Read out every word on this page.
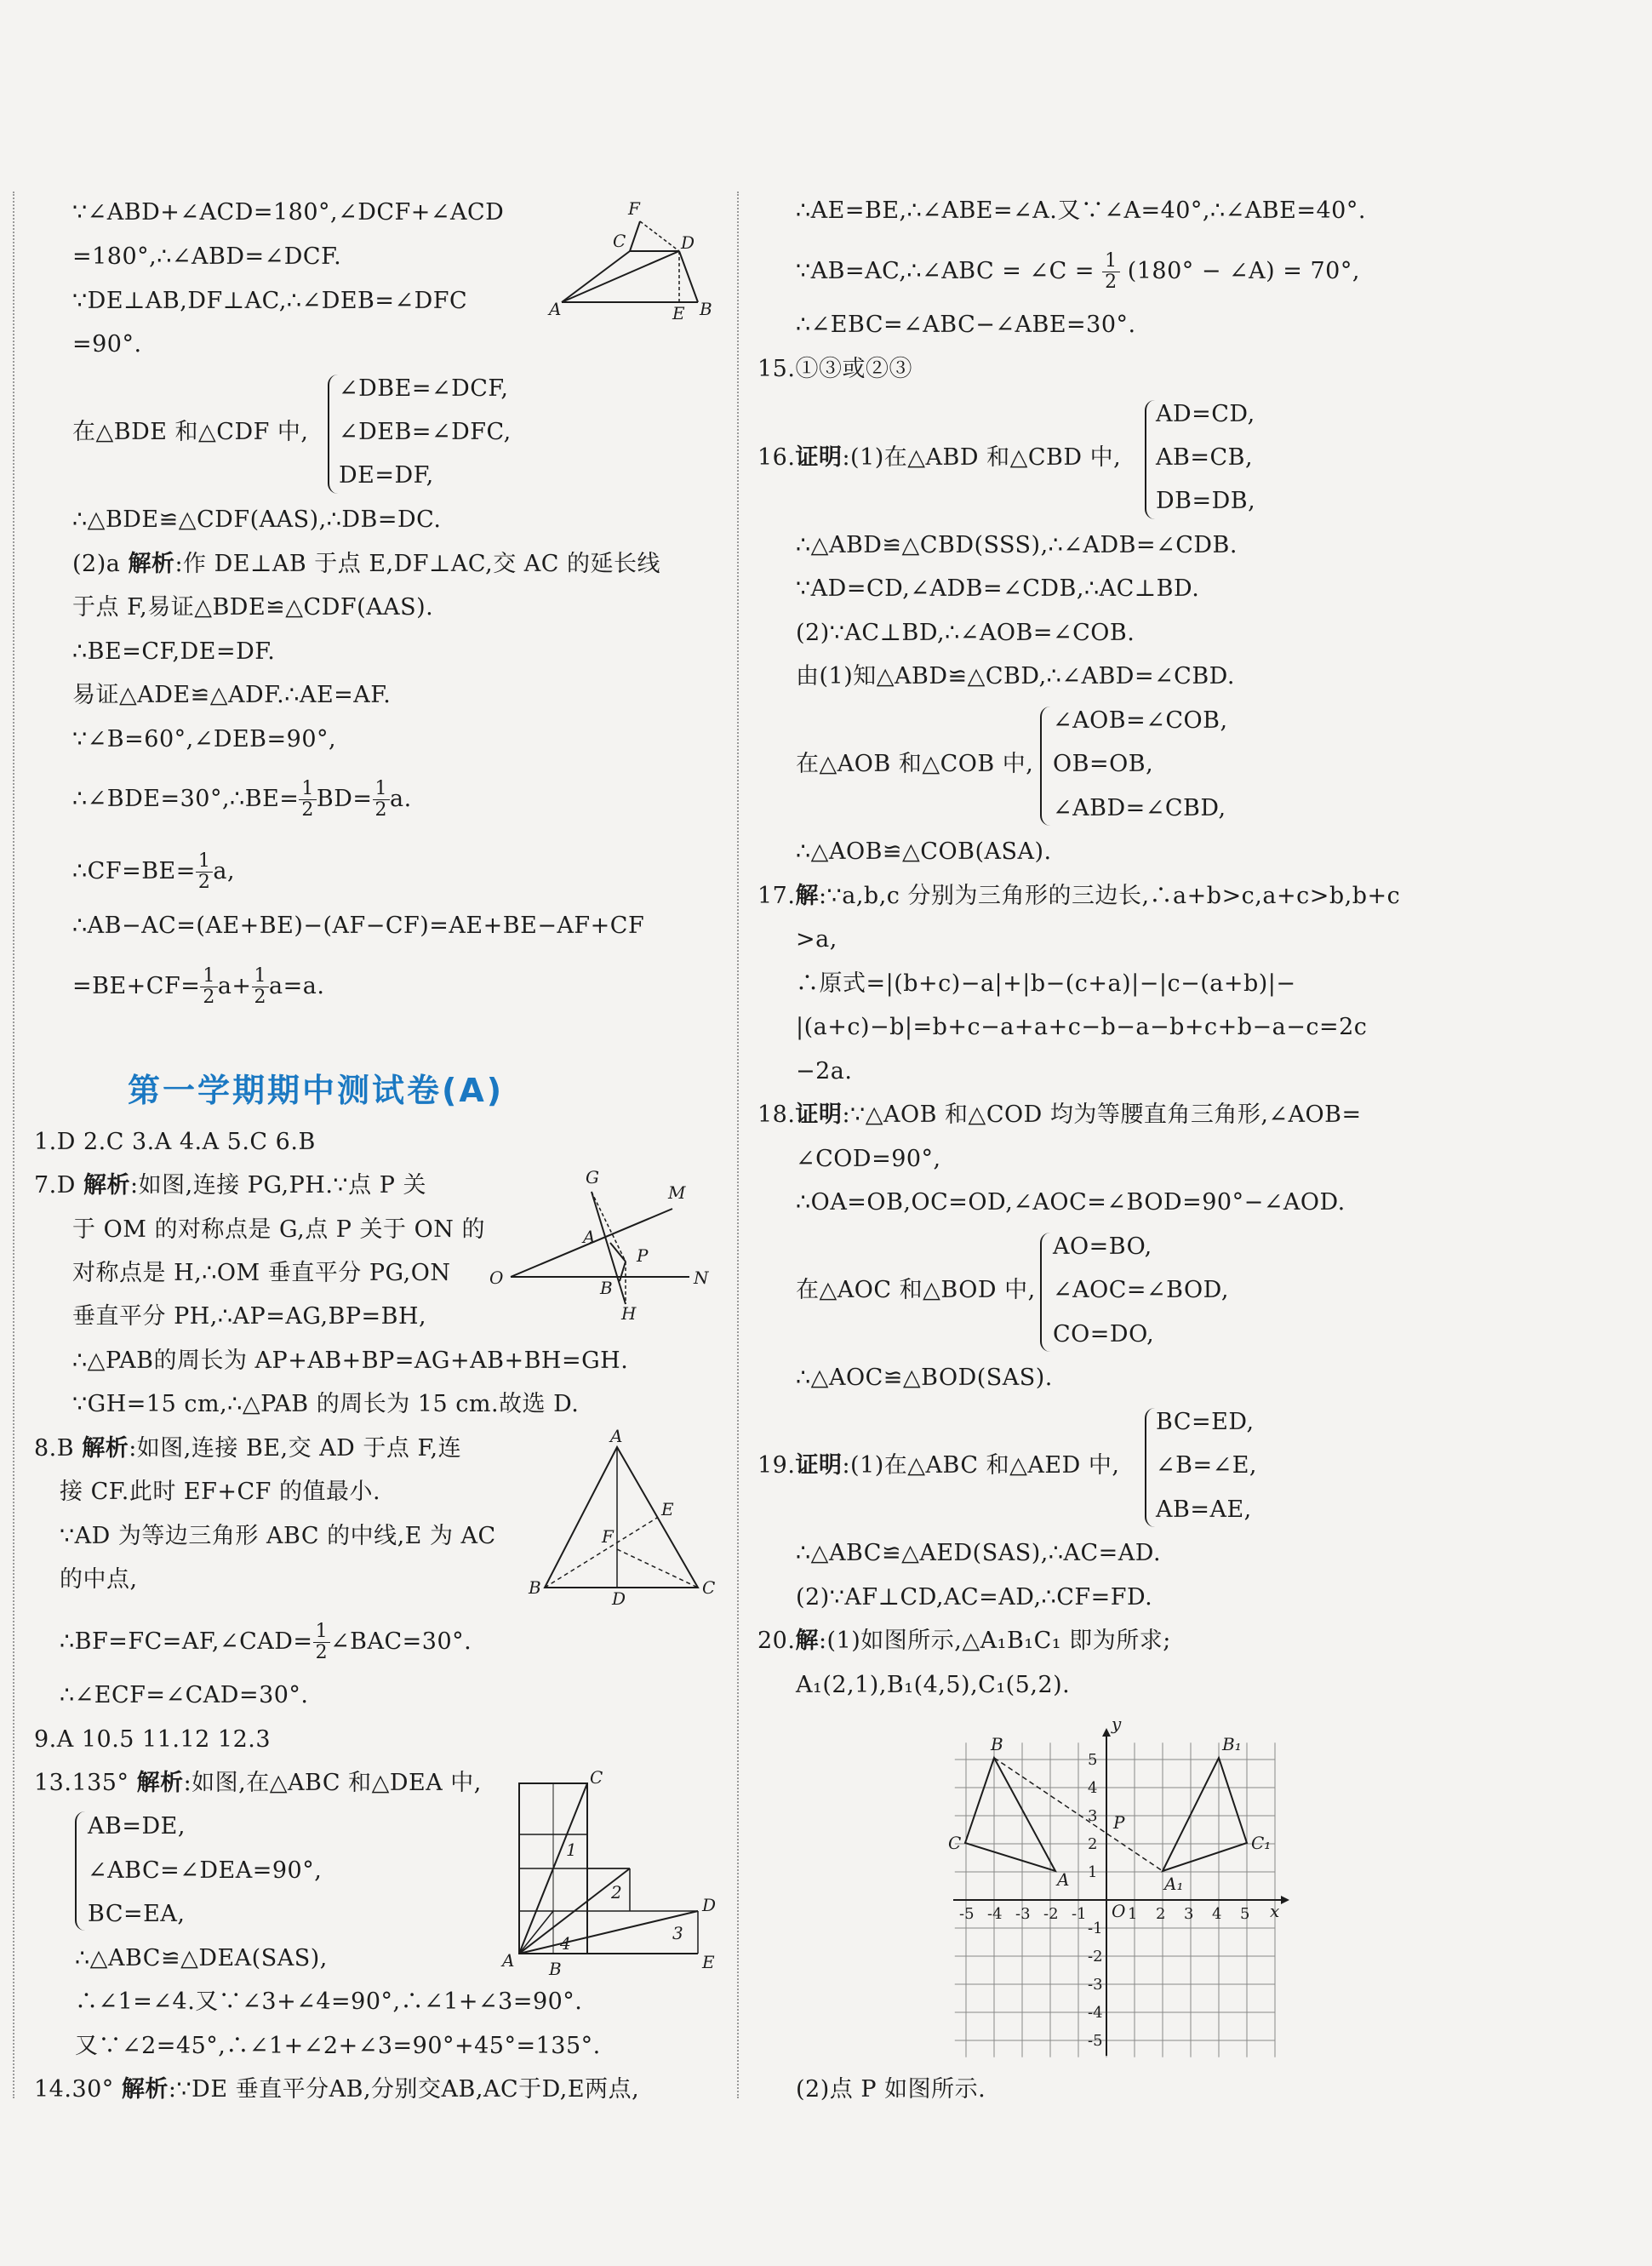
∵∠ABD+∠ACD=180°,∠DCF+∠ACD
=180°,∴∠ABD=∠DCF.
∵DE⊥AB,DF⊥AC,∴∠DEB=∠DFC
=90°.
在△BDE 和△CDF 中,
∠DBE=∠DCF,
∠DEB=∠DFC,
DE=DF,
∴△BDE≌△CDF(AAS),∴DB=DC.
(2)a 解析:作 DE⊥AB 于点 E,DF⊥AC,交 AC 的延长线
于点 F,易证△BDE≌△CDF(AAS).
∴BE=CF,DE=DF.
易证△ADE≌△ADF.∴AE=AF.
∵∠B=60°,∠DEB=90°,
∴∠BDE=30°,∴BE= $\frac{1}{2} BD= \frac{1}{2} a$.
∴CF=BE= $\frac{1}{2} a$,
∴AB−AC=(AE+BE)−(AF−CF)=AE+BE−AF+CF
$=BE+CF= \frac{1}{2} a+ \frac{1}{2} a=a$.
F
C	D
A	E B
第一学期期中测试卷(A)
1.D 2.C 3.A 4.A 5.C 6.B
7.D 解析:如图,连接 PG,PH.∵点 P 关
于 OM 的对称点是 G,点 P 关于 ON 的
对称点是 H,∴OM 垂直平分 PG,ON
垂直平分 PH,∴AP=AG,BP=BH,
∴△PAB的周长为 AP+AB+BP=AG+AB+BH=GH.
∵GH=15 cm,∴△PAB 的周长为 15 cm.故选 D.
G
M
A
P
O	N
B
H
8.B 解析:如图,连接 BE,交 AD 于点 F,连
接 CF.此时 EF+CF 的值最小.
∵AD 为等边三角形 ABC 的中线,E 为 AC
的中点,
∴BF=FC=AF,∠CAD= $\frac{1}{2}$ ∠BAC=30°.
∴∠ECF=∠CAD=30°.
A
F
E
B
D
C
9.A 10.5 11.12 12.3
13.135° 解析:如图,在△ABC 和△DEA 中,
AB=DE,
∠ABC=∠DEA=90°,
BC=EA,
∴△ABC≌△DEA(SAS),
∴∠1=∠4.又∵∠3+∠4=90°,∴∠1+∠3=90°.
又∵∠2=45°,∴∠1+∠2+∠3=90°+45°=135°.
14.30° 解析:∵DE 垂直平分AB,分别交AB,AC于D,E两点,
C
1
2
D
3
A
4
B	E
∴AE=BE,∴∠ABE=∠A.又∵∠A=40°,∴∠ABE=40°.
∵AB=AC,∴∠ABC = ∠C = $\frac{1}{2} (180^\circ$ − ∠A) = 70°,
∴∠EBC=∠ABC−∠ABE=30°.
15.①③或②③
16.证明:(1)在△ABD 和△CBD 中,
AD=CD,
AB=CB,
DB=DB,
∴△ABD≌△CBD(SSS),∴∠ADB=∠CDB.
∵AD=CD,∠ADB=∠CDB,∴AC⊥BD.
(2)∵AC⊥BD,∴∠AOB=∠COB.
由(1)知△ABD≌△CBD,∴∠ABD=∠CBD.
在△AOB 和△COB 中,
∠AOB=∠COB,
OB=OB,
∠ABD=∠CBD,
∴△AOB≌△COB(ASA).
17.解:∵a,b,c 分别为三角形的三边长,∴a+b>c,a+c>b,b+c
>a,
∴原式=|(b+c)−a|+|b−(c+a)|−|c−(a+b)|−
|(a+c)−b|=b+c−a+a+c−b−a−b+c+b−a−c=2c
−2a.
18.证明:∵△AOB 和△COD 均为等腰直角三角形,∠AOB=
∠COD=90°,
∴OA=OB,OC=OD,∠AOC=∠BOD=90°−∠AOD.
在△AOC 和△BOD 中,
AO=BO,
∠AOC=∠BOD,
CO=DO,
∴△AOC≌△BOD(SAS).
19.证明:(1)在△ABC 和△AED 中,
BC=ED,
∠B=∠E,
AB=AE,
∴△ABC≌△AED(SAS),∴AC=AD.
(2)∵AF⊥CD,AC=AD,∴CF=FD.
20.解:(1)如图所示,△A₁B₁C₁ 即为所求;
A₁(2,1),B₁(4,5),C₁(5,2).
(2)点 P 如图所示.
y
B	B₁
P
C	C₁
A	A₁
O	x
-5 -4 -3 -2 -1	1 2 3 4 5
5
4
3
2
1
-1
-2
-3
-4
-5
